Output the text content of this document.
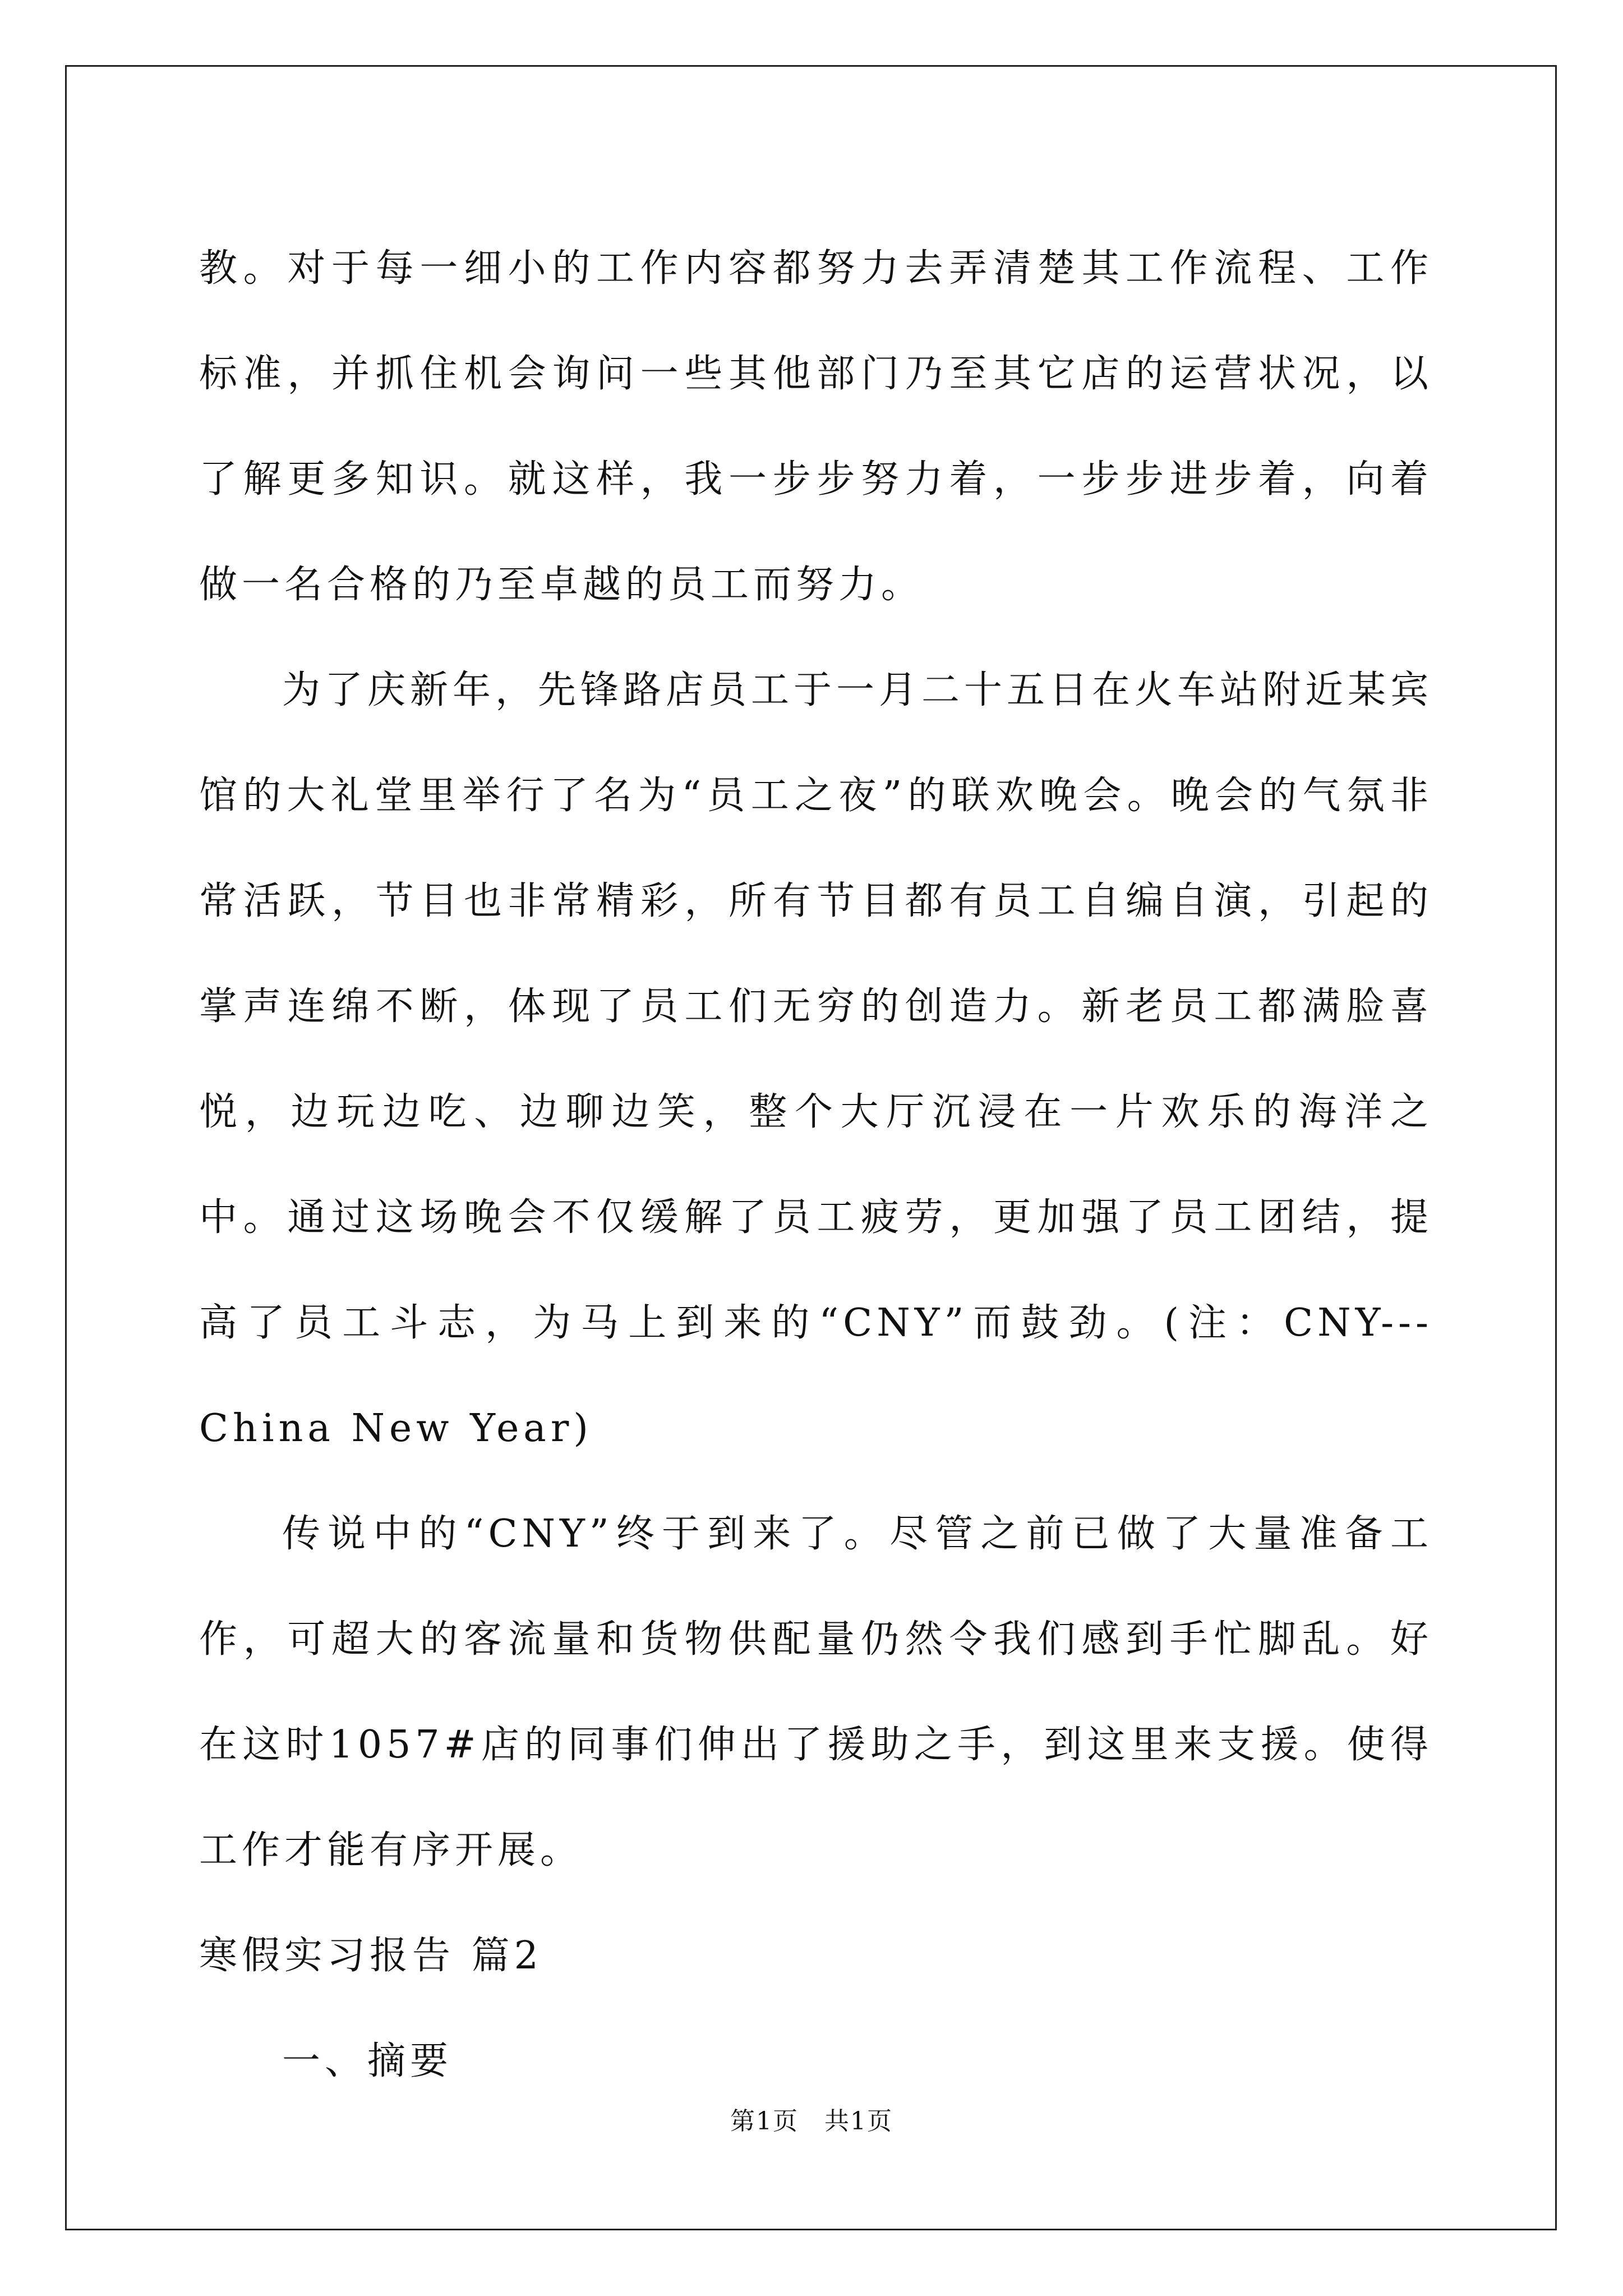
教。对于每一细小的工作内容都努力去弄清楚其工作流程、工作标准，并抓住机会询问一些其他部门乃至其它店的运营状况，以了解更多知识。就这样，我一步步努力着，一步步进步着，向着做一名合格的乃至卓越的员工而努力。

为了庆新年，先锋路店员工于一月二十五日在火车站附近某宾馆的大礼堂里举行了名为“员工之夜”的联欢晚会。晚会的气氛非常活跃，节目也非常精彩，所有节目都有员工自编自演，引起的掌声连绵不断，体现了员工们无穷的创造力。新老员工都满脸喜悦，边玩边吃、边聊边笑，整个大厅沉浸在一片欢乐的海洋之中。通过这场晚会不仅缓解了员工疲劳，更加强了员工团结，提高了员工斗志，为马上到来的“CNY”而鼓劲。(注：CNY---China New Year)

传说中的“CNY”终于到来了。尽管之前已做了大量准备工作，可超大的客流量和货物供配量仍然令我们感到手忙脚乱。好在这时1057#店的同事们伸出了援助之手，到这里来支援。使得工作才能有序开展。

寒假实习报告 篇2

一、摘要

第1页　共1页
